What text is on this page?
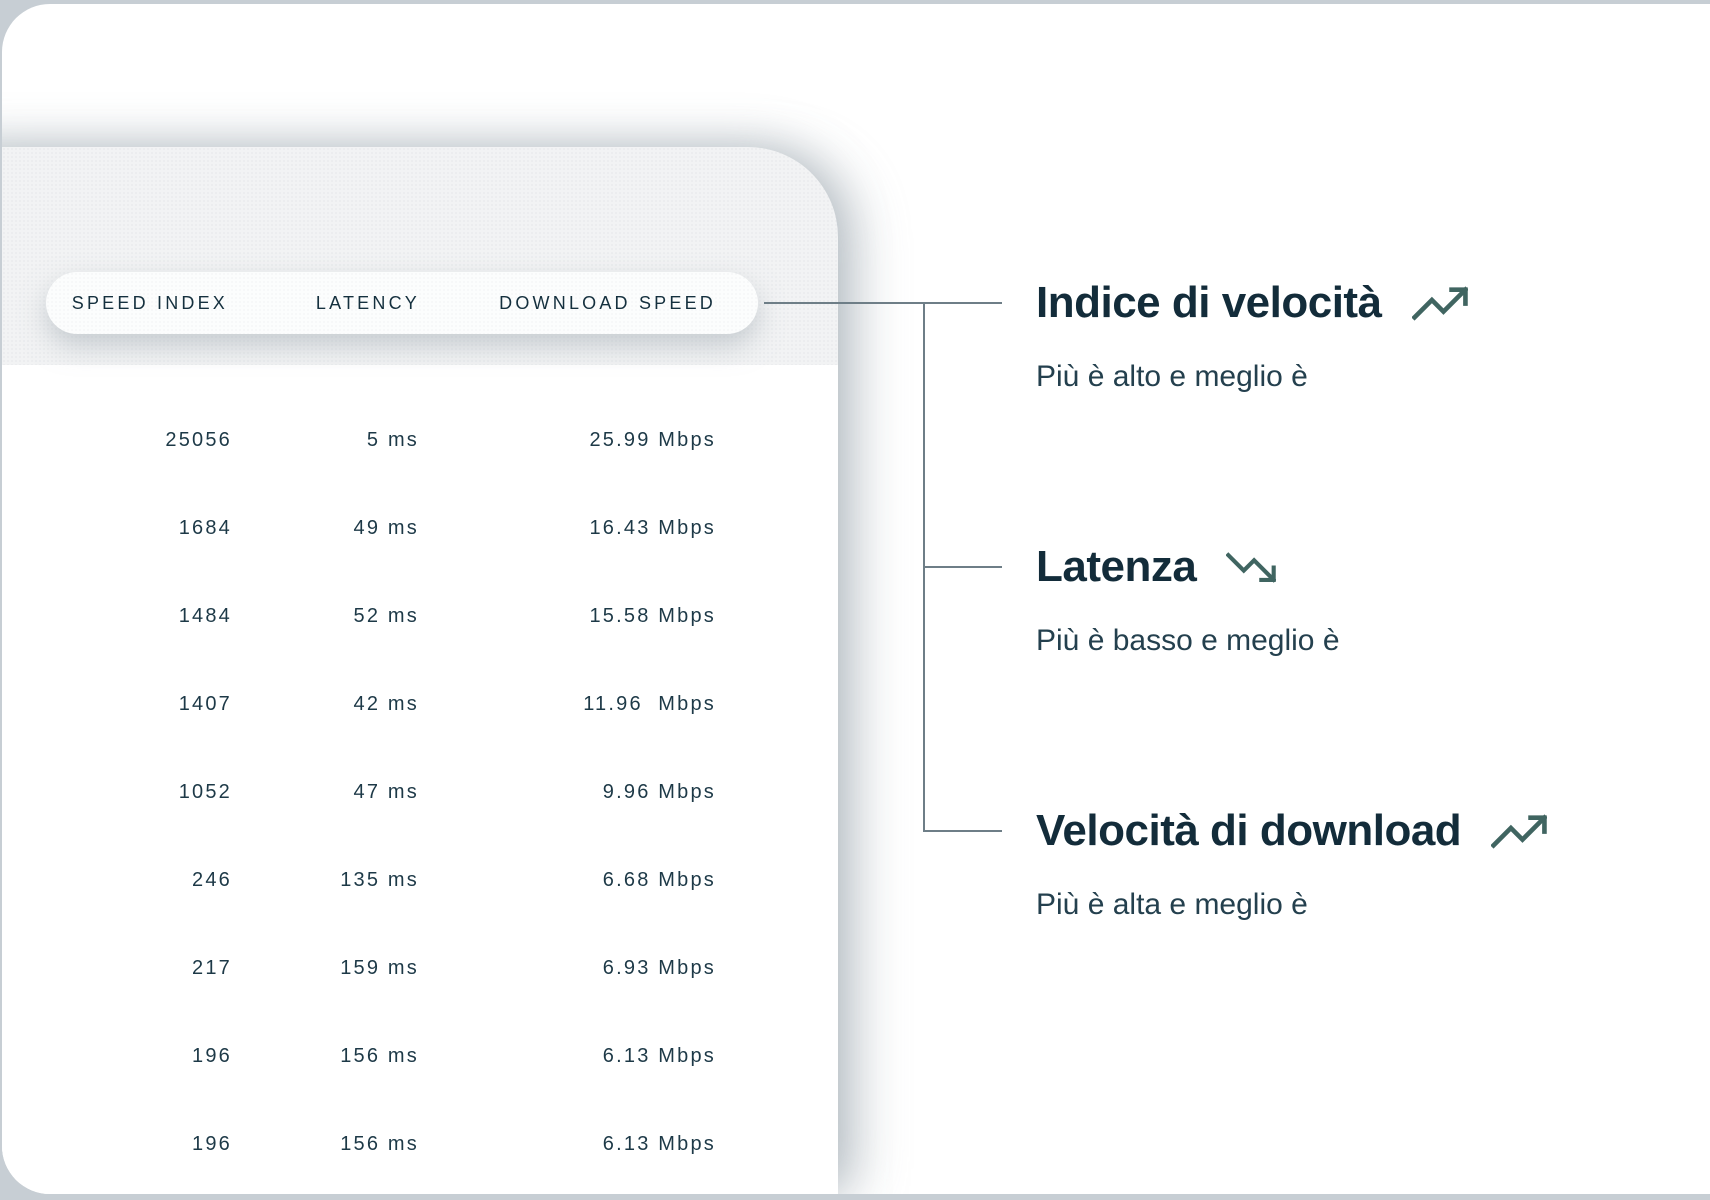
SPEED INDEX	LATENCY	DOWNLOAD SPEED
25056	5 ms	25.99 Mbps
1684	49 ms	16.43 Mbps
1484	52 ms	15.58 Mbps
1407	42 ms	11.96  Mbps
1052	47 ms	9.96 Mbps
246	135 ms	6.68 Mbps
217	159 ms	6.93 Mbps
196	156 ms	6.13 Mbps
196	156 ms	6.13 Mbps
Indice di velocità
Più è alto e meglio è
Latenza
Più è basso e meglio è
Velocità di download
Più è alta e meglio è
